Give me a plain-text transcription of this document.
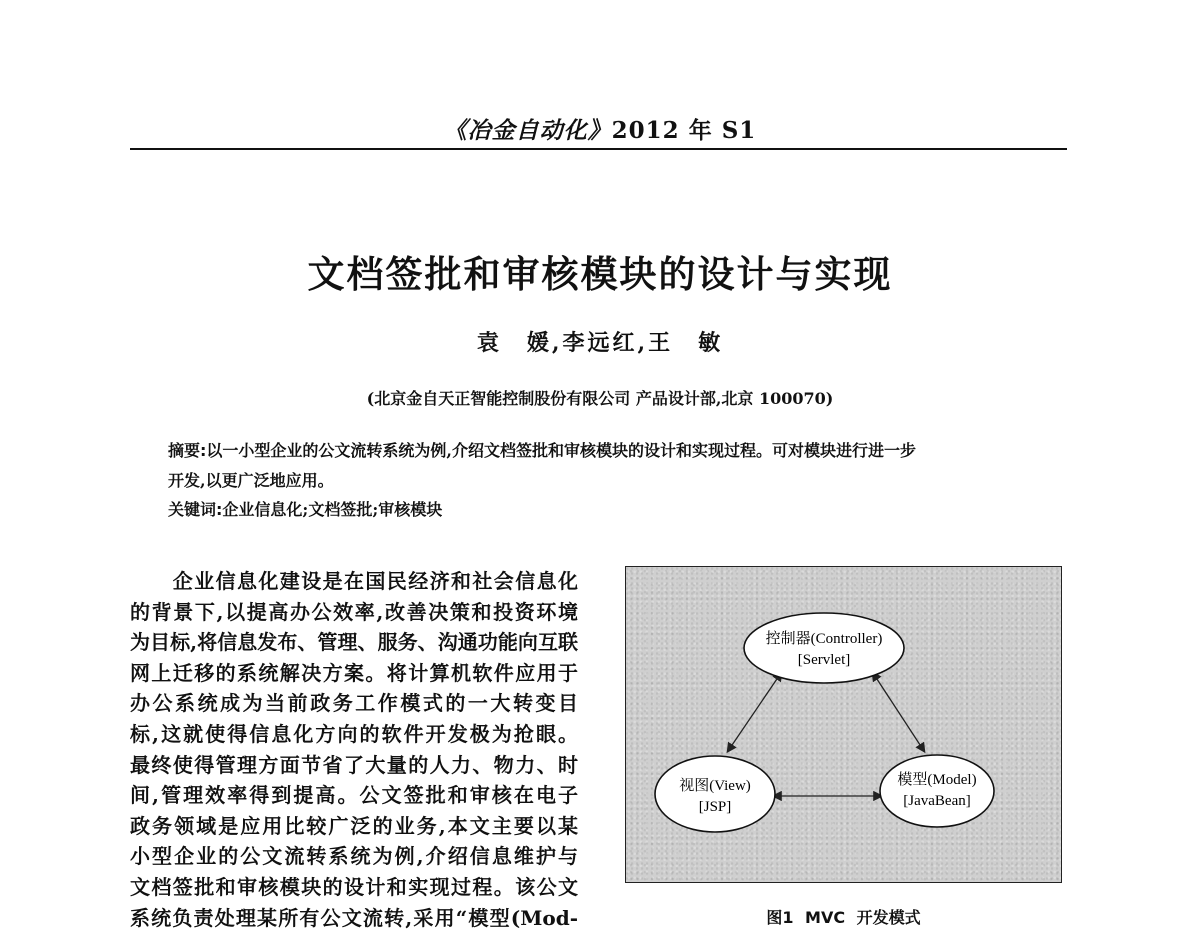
《冶金自动化》2012 年 S1
文档签批和审核模块的设计与实现
袁　媛,李远红,王　敏
(北京金自天正智能控制股份有限公司 产品设计部,北京 100070)
摘要:以一小型企业的公文流转系统为例,介绍文档签批和审核模块的设计和实现过程。可对模块进行进一步
开发,以更广泛地应用。
关键词:企业信息化;文档签批;审核模块
　　企业信息化建设是在国民经济和社会信息化
的背景下,以提高办公效率,改善决策和投资环境
为目标,将信息发布、管理、服务、沟通功能向互联
网上迁移的系统解决方案。将计算机软件应用于
办公系统成为当前政务工作模式的一大转变目
标,这就使得信息化方向的软件开发极为抢眼。
最终使得管理方面节省了大量的人力、物力、时
间,管理效率得到提高。公文签批和审核在电子
政务领域是应用比较广泛的业务,本文主要以某
小型企业的公文流转系统为例,介绍信息维护与
文档签批和审核模块的设计和实现过程。该公文
系统负责处理某所有公文流转,采用“模型(Mod-
控制器(Controller)
[Servlet]
视图(View)
[JSP]
模型(Model)
[JavaBean]
图1 MVC 开发模式
